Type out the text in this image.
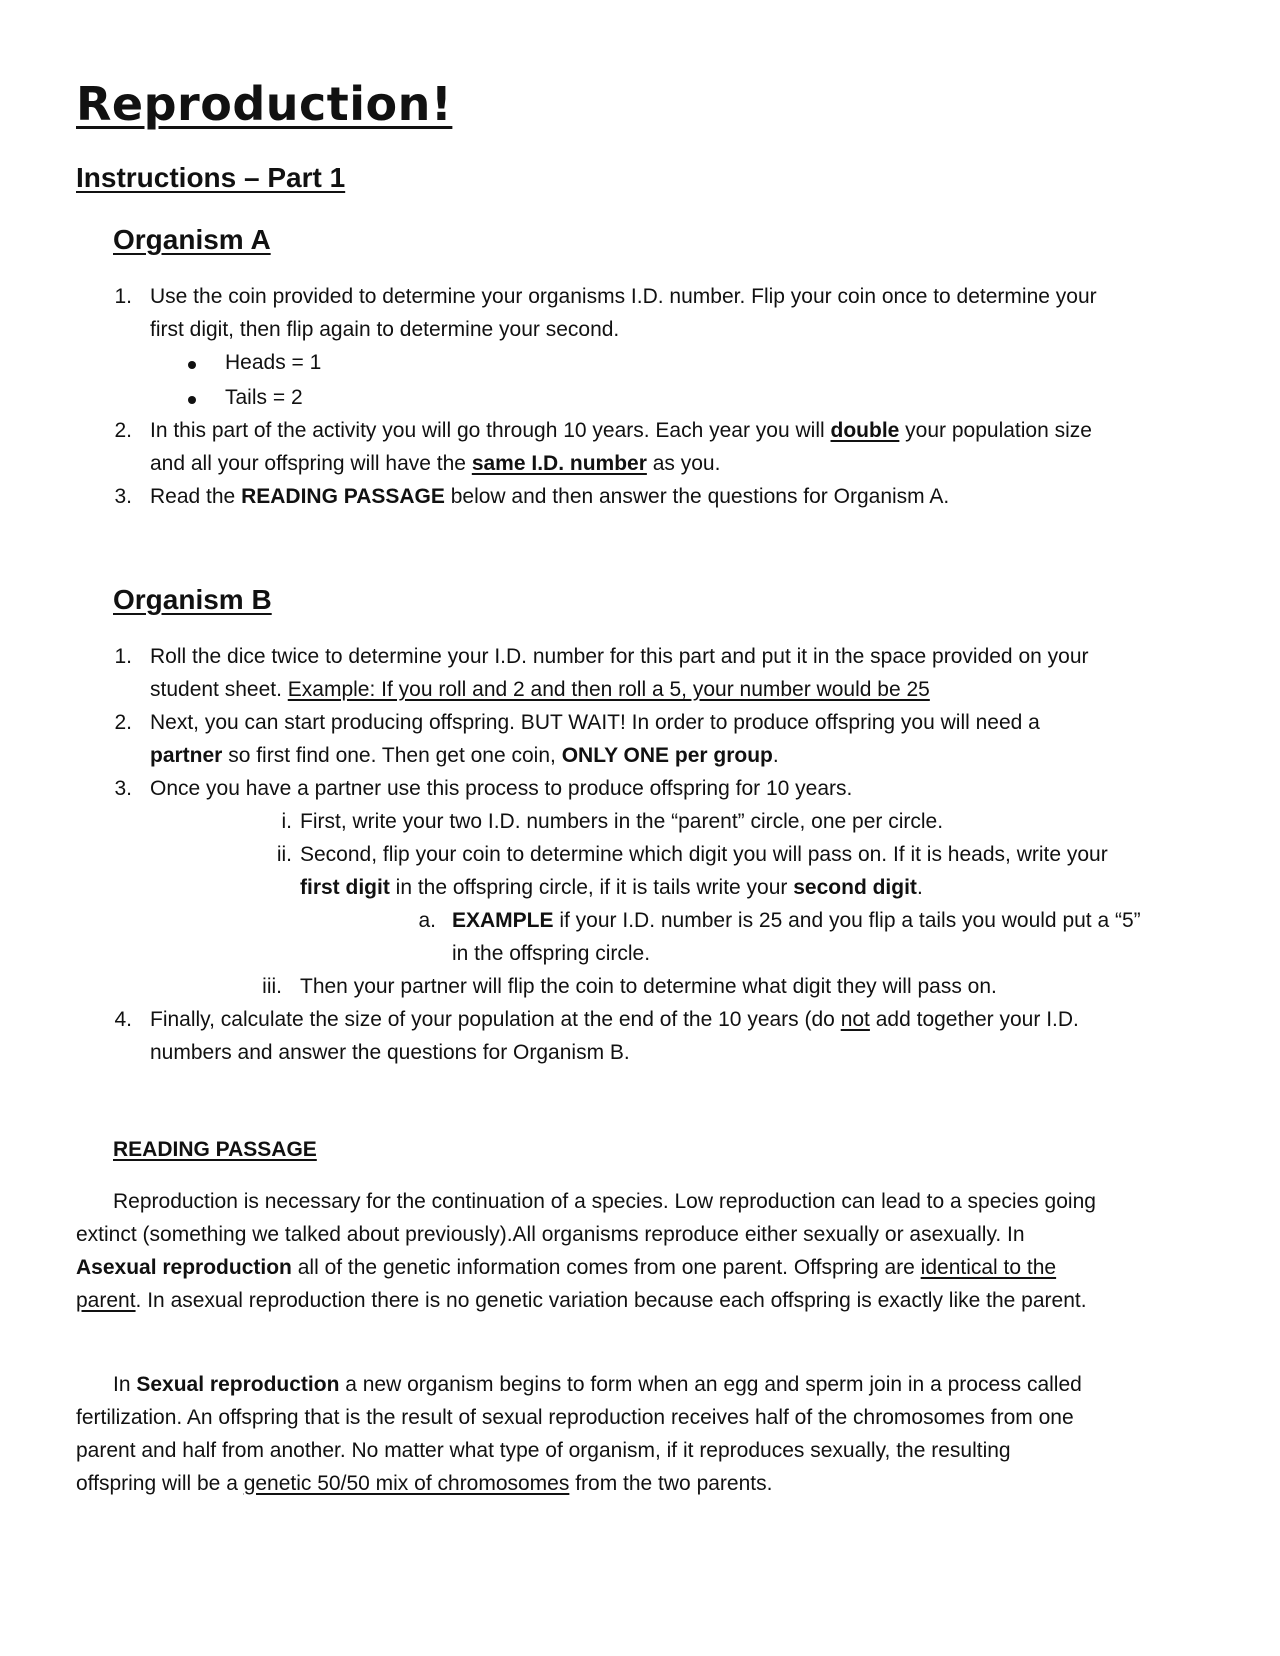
Reproduction!
Instructions – Part 1
Organism A
1. Use the coin provided to determine your organisms I.D. number. Flip your coin once to determine your
first digit, then flip again to determine your second.
Heads = 1
Tails = 2
2. In this part of the activity you will go through 10 years. Each year you will double your population size
and all your offspring will have the same I.D. number as you.
3. Read the READING PASSAGE below and then answer the questions for Organism A.
Organism B
1. Roll the dice twice to determine your I.D. number for this part and put it in the space provided on your
student sheet. Example: If you roll and 2 and then roll a 5, your number would be 25
2. Next, you can start producing offspring. BUT WAIT! In order to produce offspring you will need a
partner so first find one. Then get one coin, ONLY ONE per group.
3. Once you have a partner use this process to produce offspring for 10 years.
i. First, write your two I.D. numbers in the “parent” circle, one per circle.
ii. Second, flip your coin to determine which digit you will pass on. If it is heads, write your
first digit in the offspring circle, if it is tails write your second digit.
a. EXAMPLE if your I.D. number is 25 and you flip a tails you would put a “5”
in the offspring circle.
iii. Then your partner will flip the coin to determine what digit they will pass on.
4. Finally, calculate the size of your population at the end of the 10 years (do not add together your I.D.
numbers and answer the questions for Organism B.
READING PASSAGE
Reproduction is necessary for the continuation of a species. Low reproduction can lead to a species going
extinct (something we talked about previously).All organisms reproduce either sexually or asexually. In
Asexual reproduction all of the genetic information comes from one parent. Offspring are identical to the
parent. In asexual reproduction there is no genetic variation because each offspring is exactly like the parent.
In Sexual reproduction a new organism begins to form when an egg and sperm join in a process called
fertilization. An offspring that is the result of sexual reproduction receives half of the chromosomes from one
parent and half from another. No matter what type of organism, if it reproduces sexually, the resulting
offspring will be a genetic 50/50 mix of chromosomes from the two parents.
